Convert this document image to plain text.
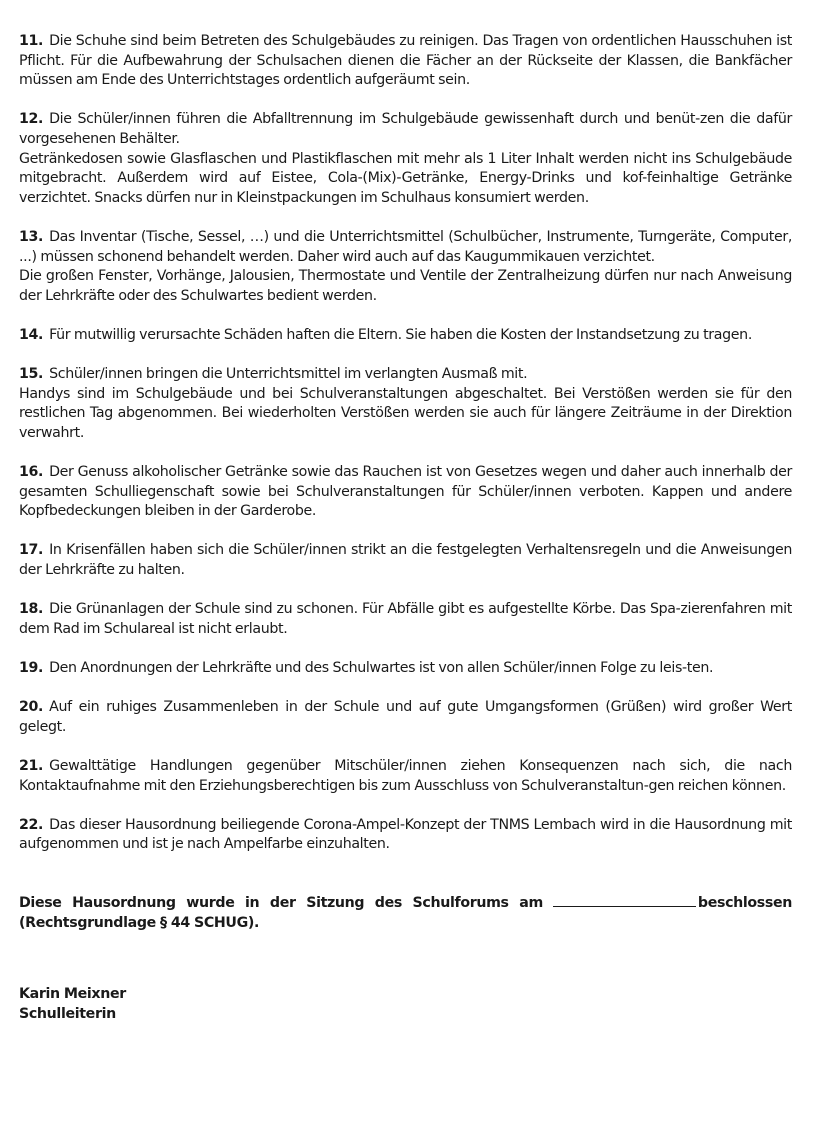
11. Die Schuhe sind beim Betreten des Schulgebäudes zu reinigen. Das Tragen von ordentlichen Hausschuhen ist Pflicht. Für die Aufbewahrung der Schulsachen dienen die Fächer an der Rückseite der Klassen, die Bankfächer müssen am Ende des Unterrichtstages ordentlich aufgeräumt sein.

12. Die Schüler/innen führen die Abfalltrennung im Schulgebäude gewissenhaft durch und benüt-zen die dafür vorgesehenen Behälter.

Getränkedosen sowie Glasflaschen und Plastikflaschen mit mehr als 1 Liter Inhalt werden nicht ins Schulgebäude mitgebracht. Außerdem wird auf Eistee, Cola-(Mix)-Getränke, Energy-Drinks und kof-feinhaltige Getränke verzichtet. Snacks dürfen nur in Kleinstpackungen im Schulhaus konsumiert werden.

13. Das Inventar (Tische, Sessel, …) und die Unterrichtsmittel (Schulbücher, Instrumente, Turngeräte, Computer, ...) müssen schonend behandelt werden. Daher wird auch auf das Kaugummikauen verzichtet.

Die großen Fenster, Vorhänge, Jalousien, Thermostate und Ventile der Zentralheizung dürfen nur nach Anweisung der Lehrkräfte oder des Schulwartes bedient werden.

14. Für mutwillig verursachte Schäden haften die Eltern. Sie haben die Kosten der Instandsetzung zu tragen.

15. Schüler/innen bringen die Unterrichtsmittel im verlangten Ausmaß mit.

Handys sind im Schulgebäude und bei Schulveranstaltungen abgeschaltet. Bei Verstößen werden sie für den restlichen Tag abgenommen. Bei wiederholten Verstößen werden sie auch für längere Zeiträume in der Direktion verwahrt.

16. Der Genuss alkoholischer Getränke sowie das Rauchen ist von Gesetzes wegen und daher auch innerhalb der gesamten Schulliegenschaft sowie bei Schulveranstaltungen für Schüler/innen verboten. Kappen und andere Kopfbedeckungen bleiben in der Garderobe.

17. In Krisenfällen haben sich die Schüler/innen strikt an die festgelegten Verhaltensregeln und die Anweisungen der Lehrkräfte zu halten.

18. Die Grünanlagen der Schule sind zu schonen. Für Abfälle gibt es aufgestellte Körbe. Das Spa-zierenfahren mit dem Rad im Schulareal ist nicht erlaubt.

19. Den Anordnungen der Lehrkräfte und des Schulwartes ist von allen Schüler/innen Folge zu leis-ten.

20. Auf ein ruhiges Zusammenleben in der Schule und auf gute Umgangsformen (Grüßen) wird großer Wert gelegt.

21. Gewalttätige Handlungen gegenüber Mitschüler/innen ziehen Konsequenzen nach sich, die nach Kontaktaufnahme mit den Erziehungsberechtigen bis zum Ausschluss von Schulveranstaltun-gen reichen können.

22. Das dieser Hausordnung beiliegende Corona-Ampel-Konzept der TNMS Lembach wird in die Hausordnung mit aufgenommen und ist je nach Ampelfarbe einzuhalten.

Diese Hausordnung wurde in der Sitzung des Schulforums am	beschlossen

(Rechtsgrundlage § 44 SCHUG).

Karin Meixner

Schulleiterin
